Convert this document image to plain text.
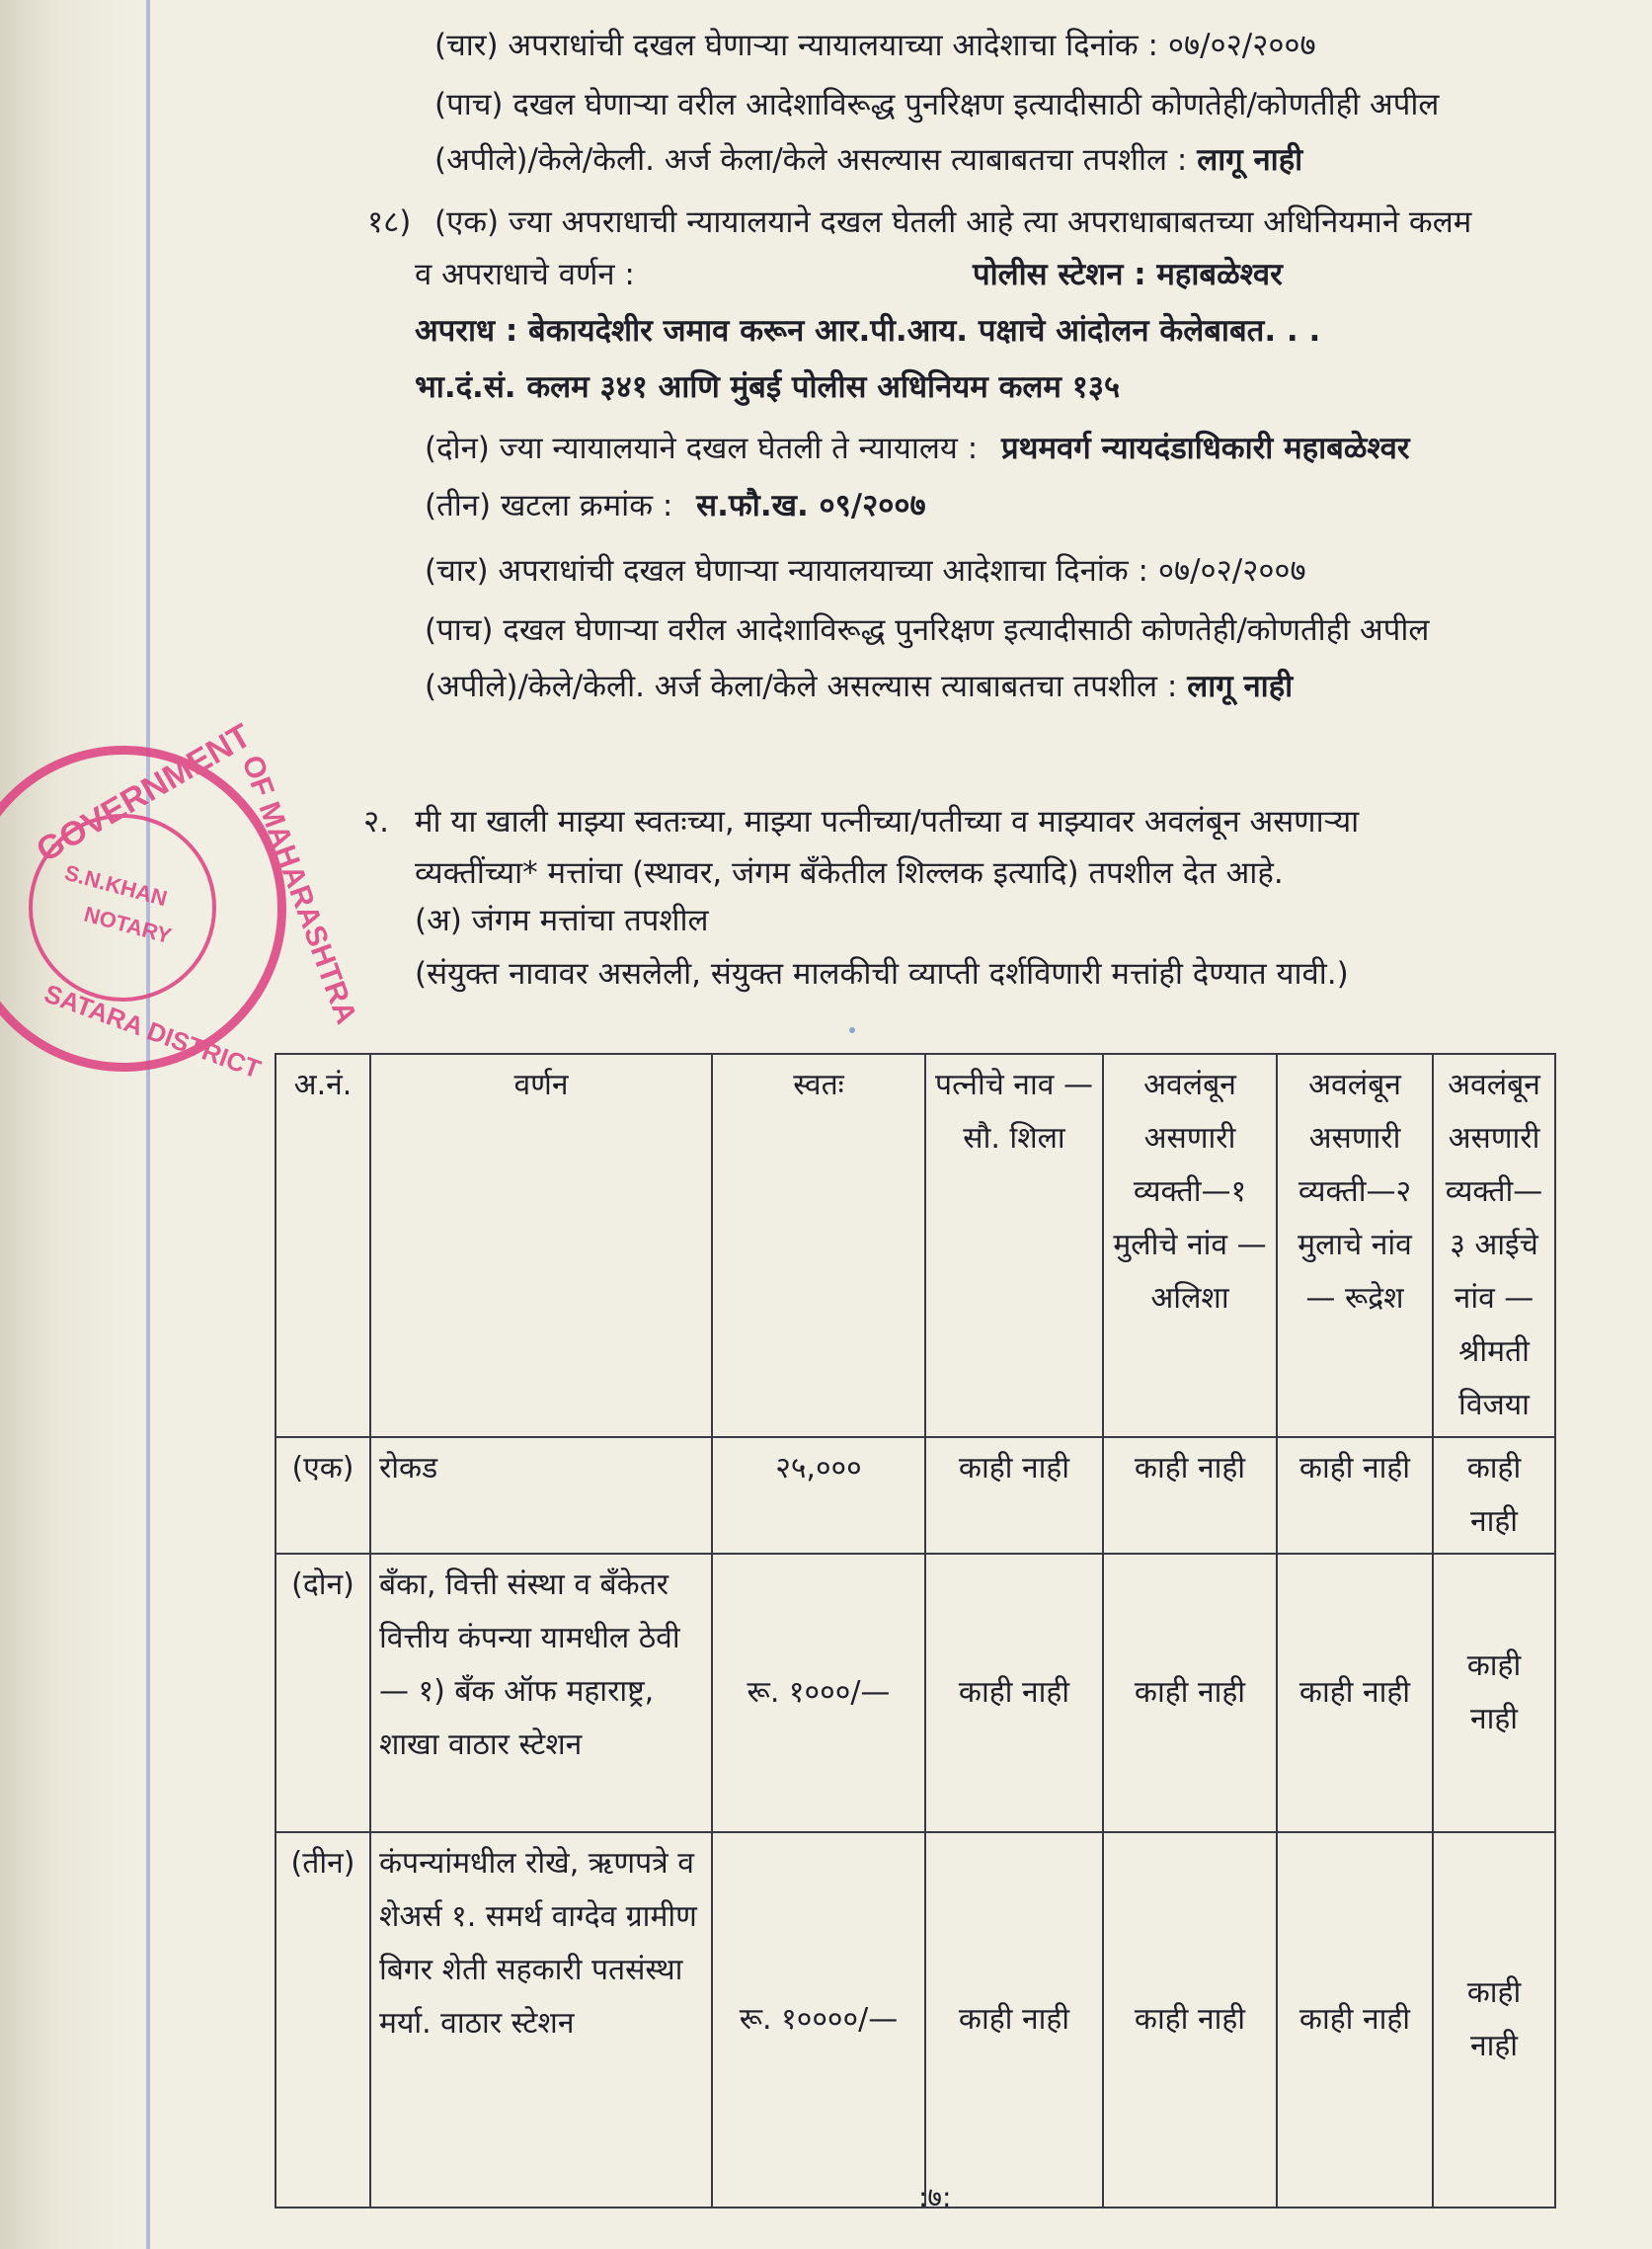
(चार) अपराधांची दखल घेणाऱ्या न्यायालयाच्या आदेशाचा दिनांक : ०७/०२/२००७
(पाच) दखल घेणाऱ्या वरील आदेशाविरूद्ध पुनरिक्षण इत्यादीसाठी कोणतेही/कोणतीही अपील
(अपीले)/केले/केली. अर्ज केला/केले असल्यास त्याबाबतचा तपशील : लागू नाही
१८) (एक) ज्या अपराधाची न्यायालयाने दखल घेतली आहे त्या अपराधाबाबतच्या अधिनियमाने कलम
व अपराधाचे वर्णन :	पोलीस स्टेशन : महाबळेश्वर
अपराध : बेकायदेशीर जमाव करून आर.पी.आय. पक्षाचे आंदोलन केलेबाबत. . .
भा.दं.सं. कलम ३४१ आणि मुंबई पोलीस अधिनियम कलम १३५
(दोन) ज्या न्यायालयाने दखल घेतली ते न्यायालय : प्रथमवर्ग न्यायदंडाधिकारी महाबळेश्वर
(तीन) खटला क्रमांक : स.फौ.ख. ०९/२००७
(चार) अपराधांची दखल घेणाऱ्या न्यायालयाच्या आदेशाचा दिनांक : ०७/०२/२००७
(पाच) दखल घेणाऱ्या वरील आदेशाविरूद्ध पुनरिक्षण इत्यादीसाठी कोणतेही/कोणतीही अपील
(अपीले)/केले/केली. अर्ज केला/केले असल्यास त्याबाबतचा तपशील : लागू नाही
GOVERNMENT
OF MAHARASHTRA
S.N.KHAN
NOTARY
SATARA DISTRICT
२. मी या खाली माझ्या स्वतःच्या, माझ्या पत्नीच्या/पतीच्या व माझ्यावर अवलंबून असणाऱ्या
व्यक्तींच्या* मत्तांचा (स्थावर, जंगम बँकेतील शिल्लक इत्यादि) तपशील देत आहे.
(अ) जंगम मत्तांचा तपशील
(संयुक्त नावावर असलेली, संयुक्त मालकीची व्याप्ती दर्शविणारी मत्तांही देण्यात यावी.)
अ.नं.	वर्णन	स्वतः	पत्नीचे नाव — सौ. शिला	अवलंबून असणारी व्यक्ती—१ मुलीचे नांव — अलिशा	अवलंबून असणारी व्यक्ती—२ मुलाचे नांव — रूद्रेश	अवलंबून असणारी व्यक्ती—३ आईचे नांव — श्रीमती विजया
(एक)	रोकड	२५,०००	काही नाही	काही नाही	काही नाही	काही नाही
(दोन)	बँका, वित्ती संस्था व बँकेतर वित्तीय कंपन्या यामधील ठेवी — १) बँक ऑफ महाराष्ट्र, शाखा वाठार स्टेशन	रू. १०००/—	काही नाही	काही नाही	काही नाही	काही नाही
(तीन)	कंपन्यांमधील रोखे, ऋणपत्रे व शेअर्स १. समर्थ वाग्देव ग्रामीण बिगर शेती सहकारी पतसंस्था मर्या. वाठार स्टेशन	रू. १००००/—	काही नाही	काही नाही	काही नाही	काही नाही
:७:
